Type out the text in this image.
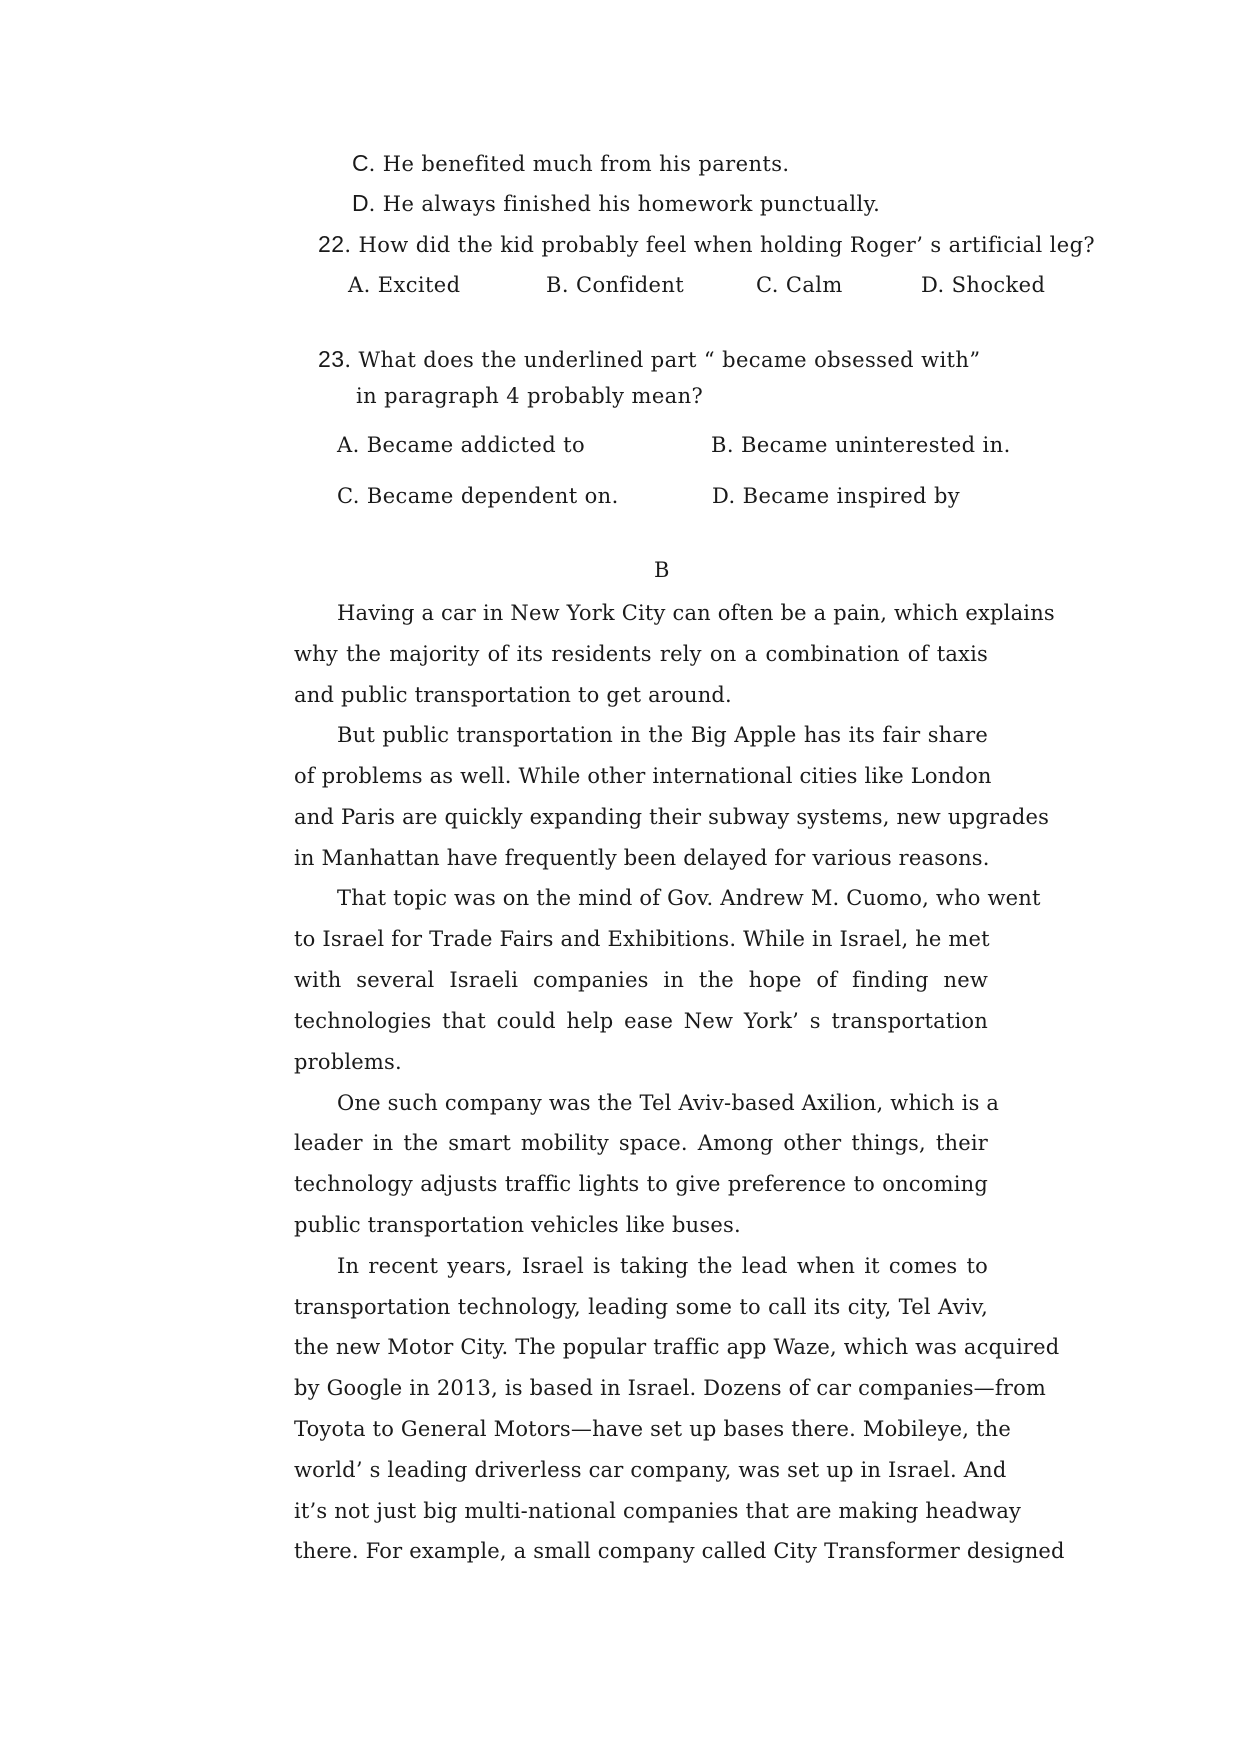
C. He benefited much from his parents.
D. He always finished his homework punctually.
22. How did the kid probably feel when holding Roger’ s artificial leg?
A. Excited	B. Confident	C. Calm	D. Shocked
23. What does the underlined part “ became obsessed with”
in paragraph 4 probably mean?
A. Became addicted to	B. Became uninterested in.
C. Became dependent on.	D. Became inspired by
B
Having a car in New York City can often be a pain, which explains
why the majority of its residents rely on a combination of taxis
and public transportation to get around.
But public transportation in the Big Apple has its fair share
of problems as well. While other international cities like London
and Paris are quickly expanding their subway systems, new upgrades
in Manhattan have frequently been delayed for various reasons.
That topic was on the mind of Gov. Andrew M. Cuomo, who went
to Israel for Trade Fairs and Exhibitions. While in Israel, he met
with several Israeli companies in the hope of finding new
technologies that could help ease New York’ s transportation
problems.
One such company was the Tel Aviv-based Axilion, which is a
leader in the smart mobility space. Among other things, their
technology adjusts traffic lights to give preference to oncoming
public transportation vehicles like buses.
In recent years, Israel is taking the lead when it comes to
transportation technology, leading some to call its city, Tel Aviv,
the new Motor City. The popular traffic app Waze, which was acquired
by Google in 2013, is based in Israel. Dozens of car companies—from
Toyota to General Motors—have set up bases there. Mobileye, the
world’ s leading driverless car company, was set up in Israel. And
it’s not just big multi-national companies that are making headway
there. For example, a small company called City Transformer designed
